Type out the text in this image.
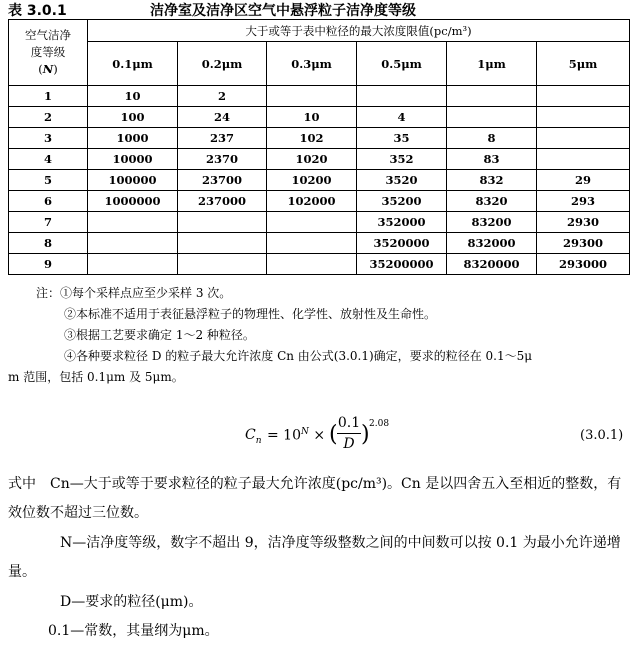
表 3.0.1	洁净室及洁净区空气中悬浮粒子洁净度等级
空气洁净
度等级
(N)	大于或等于表中粒径的最大浓度限值(pc/m³)					
	0.1μm	0.2μm	0.3μm	0.5μm	1μm	5μm
1	10	2				
2	100	24	10	4		
3	1000	237	102	35	8	
4	10000	2370	1020	352	83	
5	100000	23700	10200	3520	832	29
6	1000000	237000	102000	35200	8320	293
7				352000	83200	2930
8				3520000	832000	29300
9				35200000	8320000	293000
注：①每个采样点应至少采样 3 次。
②本标准不适用于表征悬浮粒子的物理性、化学性、放射性及生命性。
③根据工艺要求确定 1～2 种粒径。
④各种要求粒径 D 的粒子最大允许浓度 Cn 由公式(3.0.1)确定，要求的粒径在 0.1～5μ
m 范围，包括 0.1μm 及 5μm。
$C_n = 10^N$ × ( $\frac{0.1}{D}$ ) 2.08
(3.0.1)
式中　Cn—大于或等于要求粒径的粒子最大允许浓度(pc/m³)。Cn 是以四舍五入至相近的整数，有效位数不超过三位数。
N—洁净度等级，数字不超出 9，洁净度等级整数之间的中间数可以按 0.1 为最小允许递增量。
D—要求的粒径(μm)。
0.1—常数，其量纲为μm。
